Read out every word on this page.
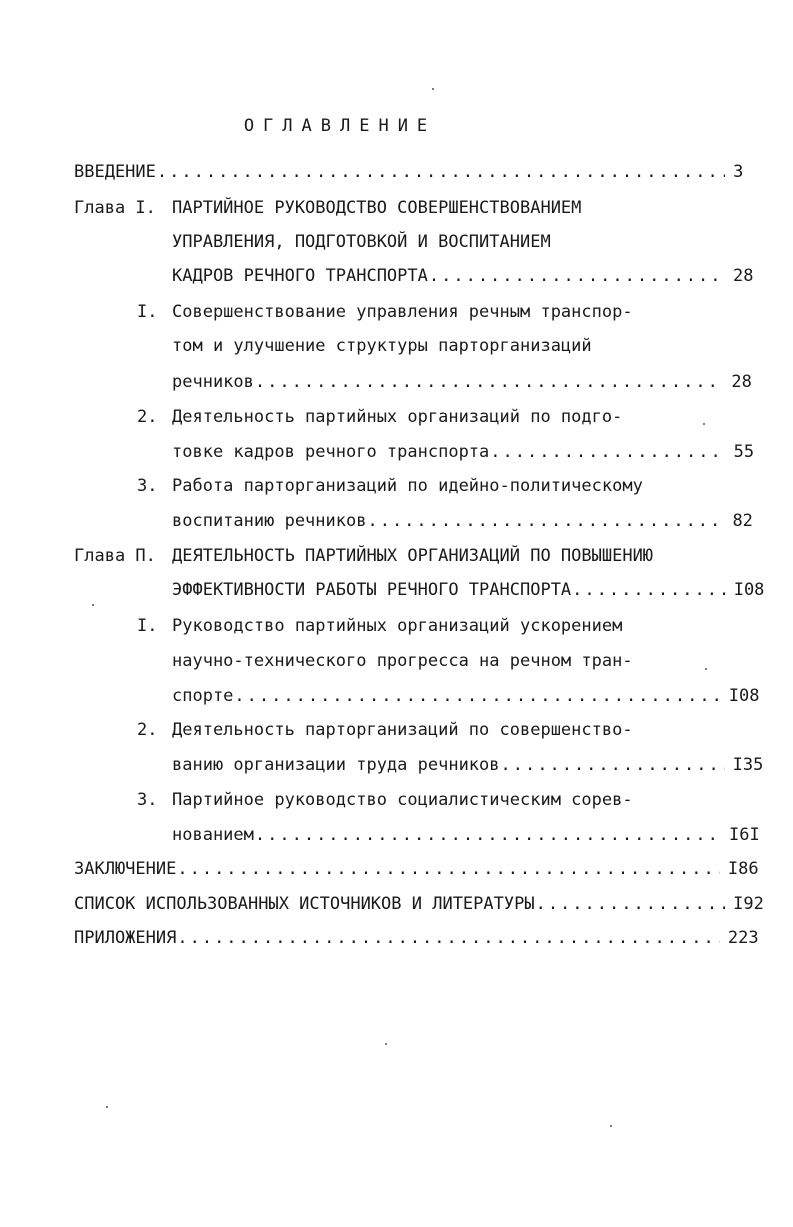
ОГЛАВЛЕНИЕ
ВВЕДЕНИЕ .....	3
Глава I. ПАРТИЙНОЕ РУКОВОДСТВО СОВЕРШЕНСТВОВАНИЕМ
УПРАВЛЕНИЯ, ПОДГОТОВКОЙ И ВОСПИТАНИЕМ
КАДРОВ РЕЧНОГО ТРАНСПОРТА .....	28
I. Совершенствование управления речным транспор-
том и улучшение структуры парторганизаций
речников .....	28
2. Деятельность партийных организаций по подго-
товке кадров речного транспорта .....	55
3. Работа парторганизаций по идейно-политическому
воспитанию речников .....	82
Глава П. ДЕЯТЕЛЬНОСТЬ ПАРТИЙНЫХ ОРГАНИЗАЦИЙ ПО ПОВЫШЕНИЮ
ЭФФЕКТИВНОСТИ РАБОТЫ РЕЧНОГО ТРАНСПОРТА .....	I08
I. Руководство партийных организаций ускорением
научно-технического прогресса на речном тран-
спорте .....	I08
2. Деятельность парторганизаций по совершенство-
ванию организации труда речников .....	I35
3. Партийное руководство социалистическим сорев-
нованием .....	I6I
ЗАКЛЮЧЕНИЕ .....	I86
СПИСОК ИСПОЛЬЗОВАННЫХ ИСТОЧНИКОВ И ЛИТЕРАТУРЫ .....	I92
ПРИЛОЖЕНИЯ .....	223
